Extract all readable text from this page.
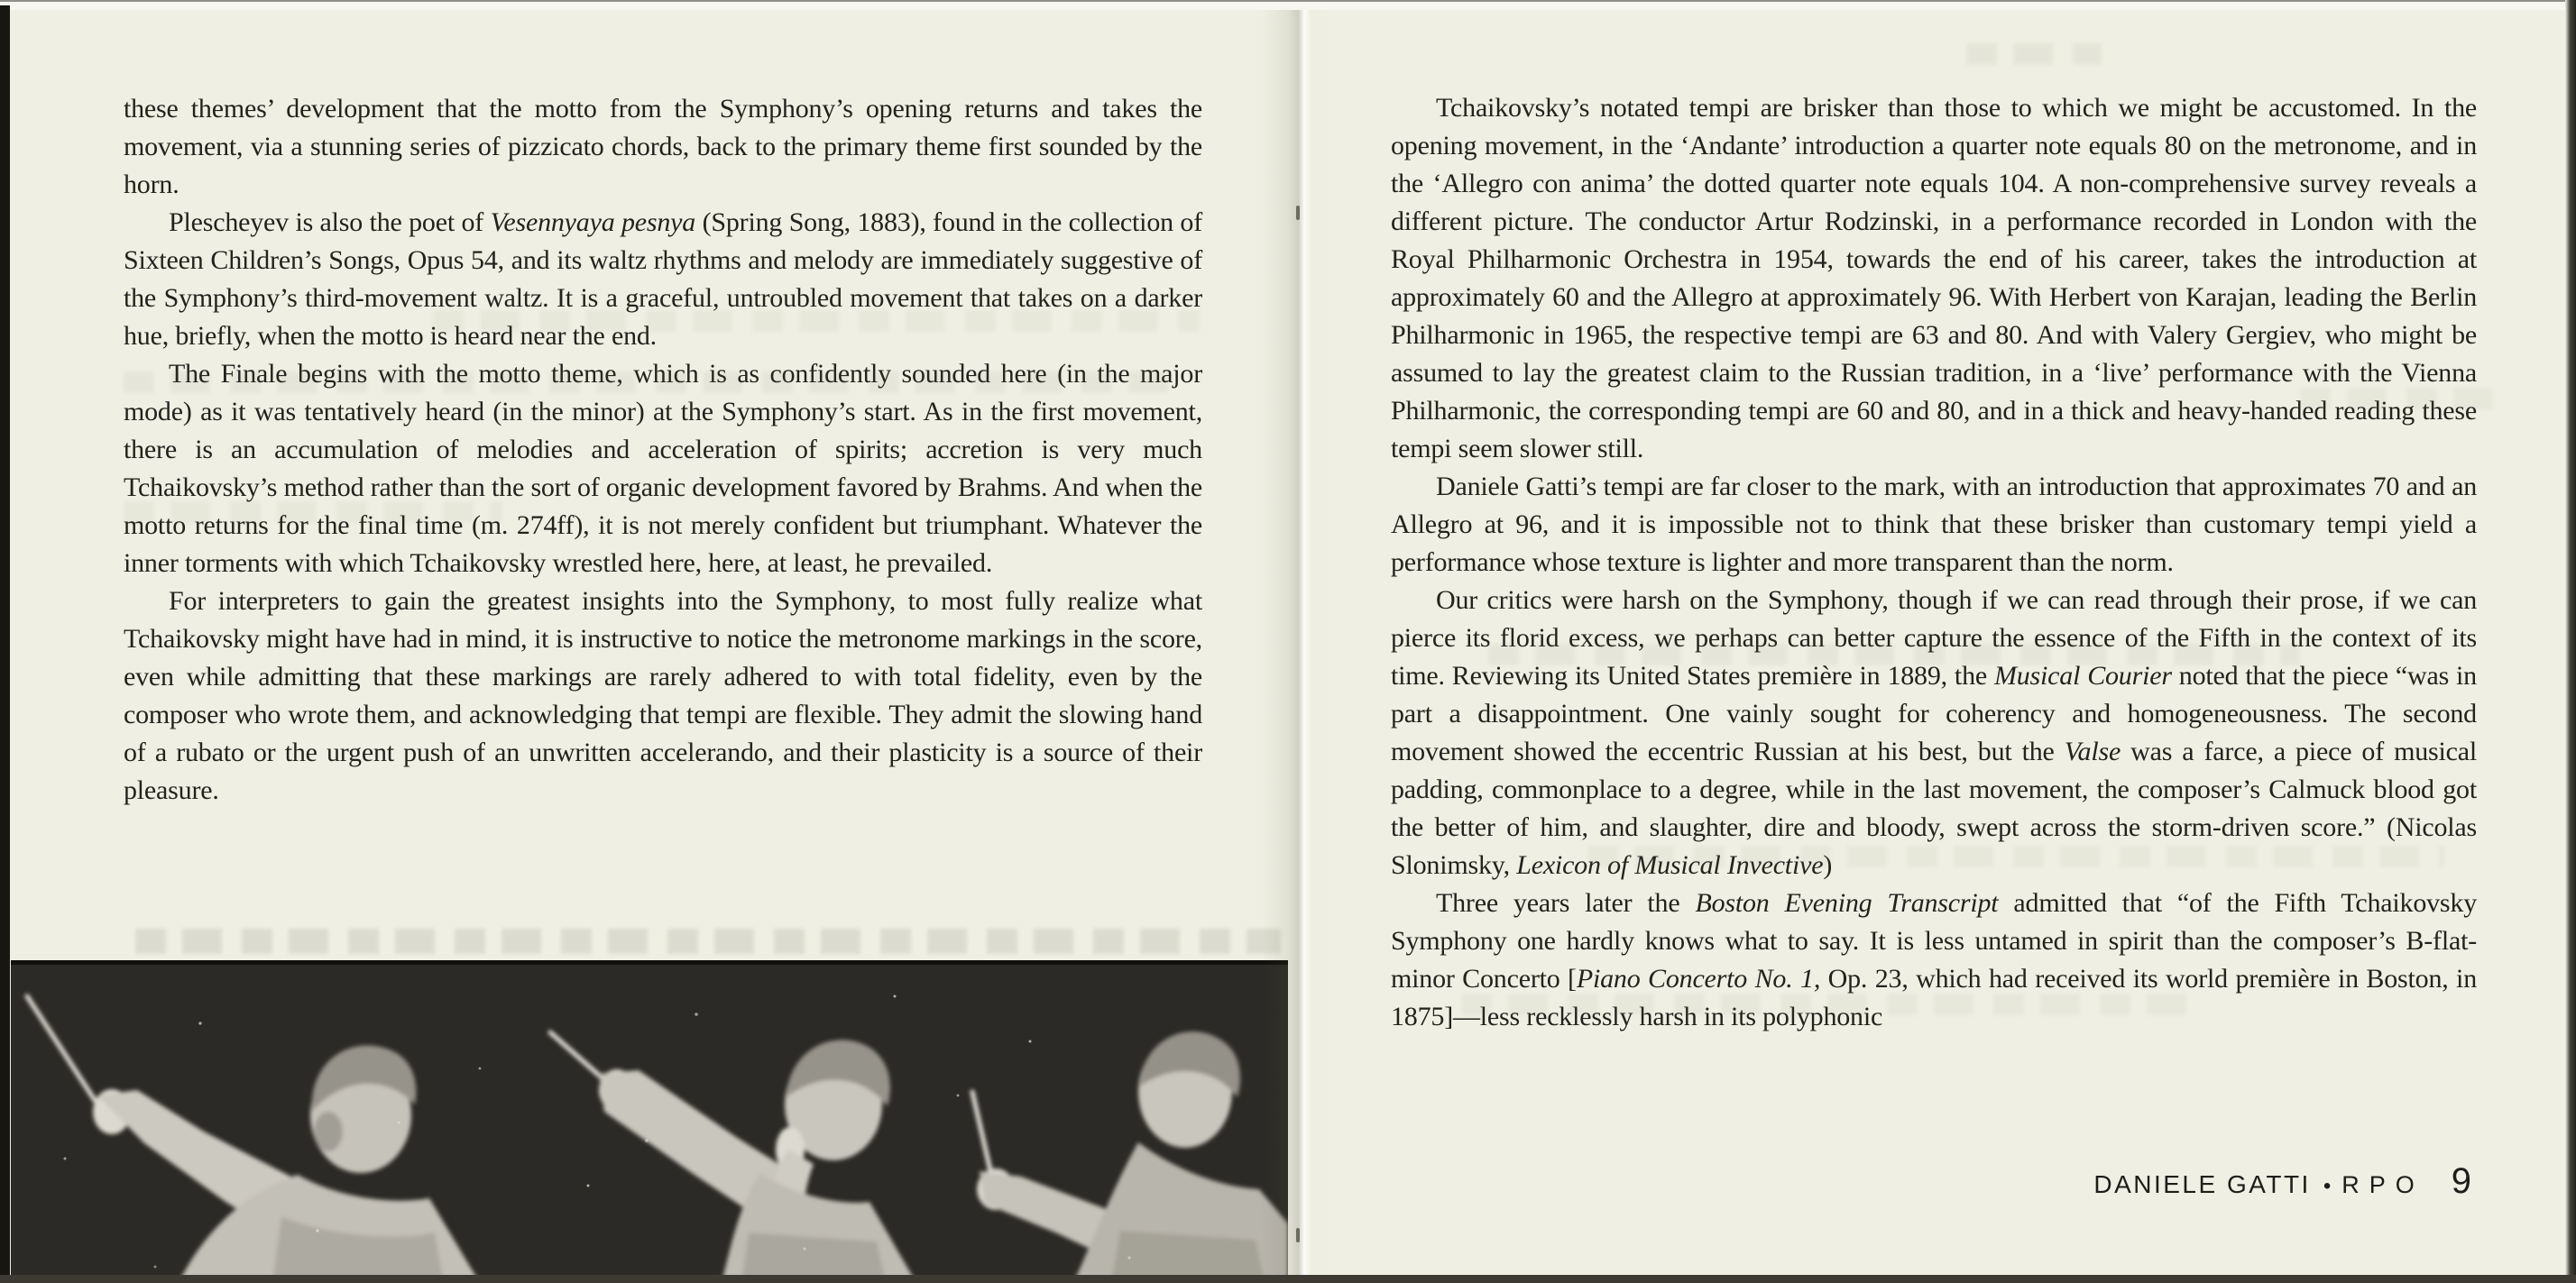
these themes’ development that the motto from the Symphony’s opening returns and takes the movement, via a stunning series of pizzicato chords, back to the primary theme first sounded by the horn.

Plescheyev is also the poet of Vesennyaya pesnya (Spring Song, 1883), found in the collection of Sixteen Children’s Songs, Opus 54, and its waltz rhythms and melody are immediately suggestive of the Symphony’s third-movement waltz. It is a graceful, untroubled movement that takes on a darker hue, briefly, when the motto is heard near the end.

The Finale begins with the motto theme, which is as confidently sounded here (in the major mode) as it was tentatively heard (in the minor) at the Symphony’s start. As in the first movement, there is an accumulation of melodies and acceleration of spirits; accretion is very much Tchaikovsky’s method rather than the sort of organic development favored by Brahms. And when the motto returns for the final time (m. 274ff), it is not merely confident but triumphant. Whatever the inner torments with which Tchaikovsky wrestled here, here, at least, he prevailed.

For interpreters to gain the greatest insights into the Symphony, to most fully realize what Tchaikovsky might have had in mind, it is instructive to notice the metronome markings in the score, even while admitting that these markings are rarely adhered to with total fidelity, even by the composer who wrote them, and acknowledging that tempi are flexible. They admit the slowing hand of a rubato or the urgent push of an unwritten accelerando, and their plasticity is a source of their pleasure.

Tchaikovsky’s notated tempi are brisker than those to which we might be accustomed. In the opening movement, in the ‘Andante’ introduction a quarter note equals 80 on the metronome, and in the ‘Allegro con anima’ the dotted quarter note equals 104. A non-comprehensive survey reveals a different picture. The conductor Artur Rodzinski, in a performance recorded in London with the Royal Philharmonic Orchestra in 1954, towards the end of his career, takes the introduction at approximately 60 and the Allegro at approximately 96. With Herbert von Karajan, leading the Berlin Philharmonic in 1965, the respective tempi are 63 and 80. And with Valery Gergiev, who might be assumed to lay the greatest claim to the Russian tradition, in a ‘live’ performance with the Vienna Philharmonic, the corresponding tempi are 60 and 80, and in a thick and heavy-handed reading these tempi seem slower still.

Daniele Gatti’s tempi are far closer to the mark, with an introduction that approximates 70 and an Allegro at 96, and it is impossible not to think that these brisker than customary tempi yield a performance whose texture is lighter and more transparent than the norm.

Our critics were harsh on the Symphony, though if we can read through their prose, if we can pierce its florid excess, we perhaps can better capture the essence of the Fifth in the context of its time. Reviewing its United States première in 1889, the Musical Courier noted that the piece “was in part a disappointment. One vainly sought for coherency and homogeneousness. The second movement showed the eccentric Russian at his best, but the Valse was a farce, a piece of musical padding, commonplace to a degree, while in the last movement, the composer’s Calmuck blood got the better of him, and slaughter, dire and bloody, swept across the storm-driven score.” (Nicolas Slonimsky, Lexicon of Musical Invective)

Three years later the Boston Evening Transcript admitted that “of the Fifth Tchaikovsky Symphony one hardly knows what to say. It is less untamed in spirit than the composer’s B-flat-minor Concerto [Piano Concerto No. 1, Op. 23, which had received its world première in Boston, in 1875]—less recklessly harsh in its polyphonic

DANIELE GATTI • RPO 9
